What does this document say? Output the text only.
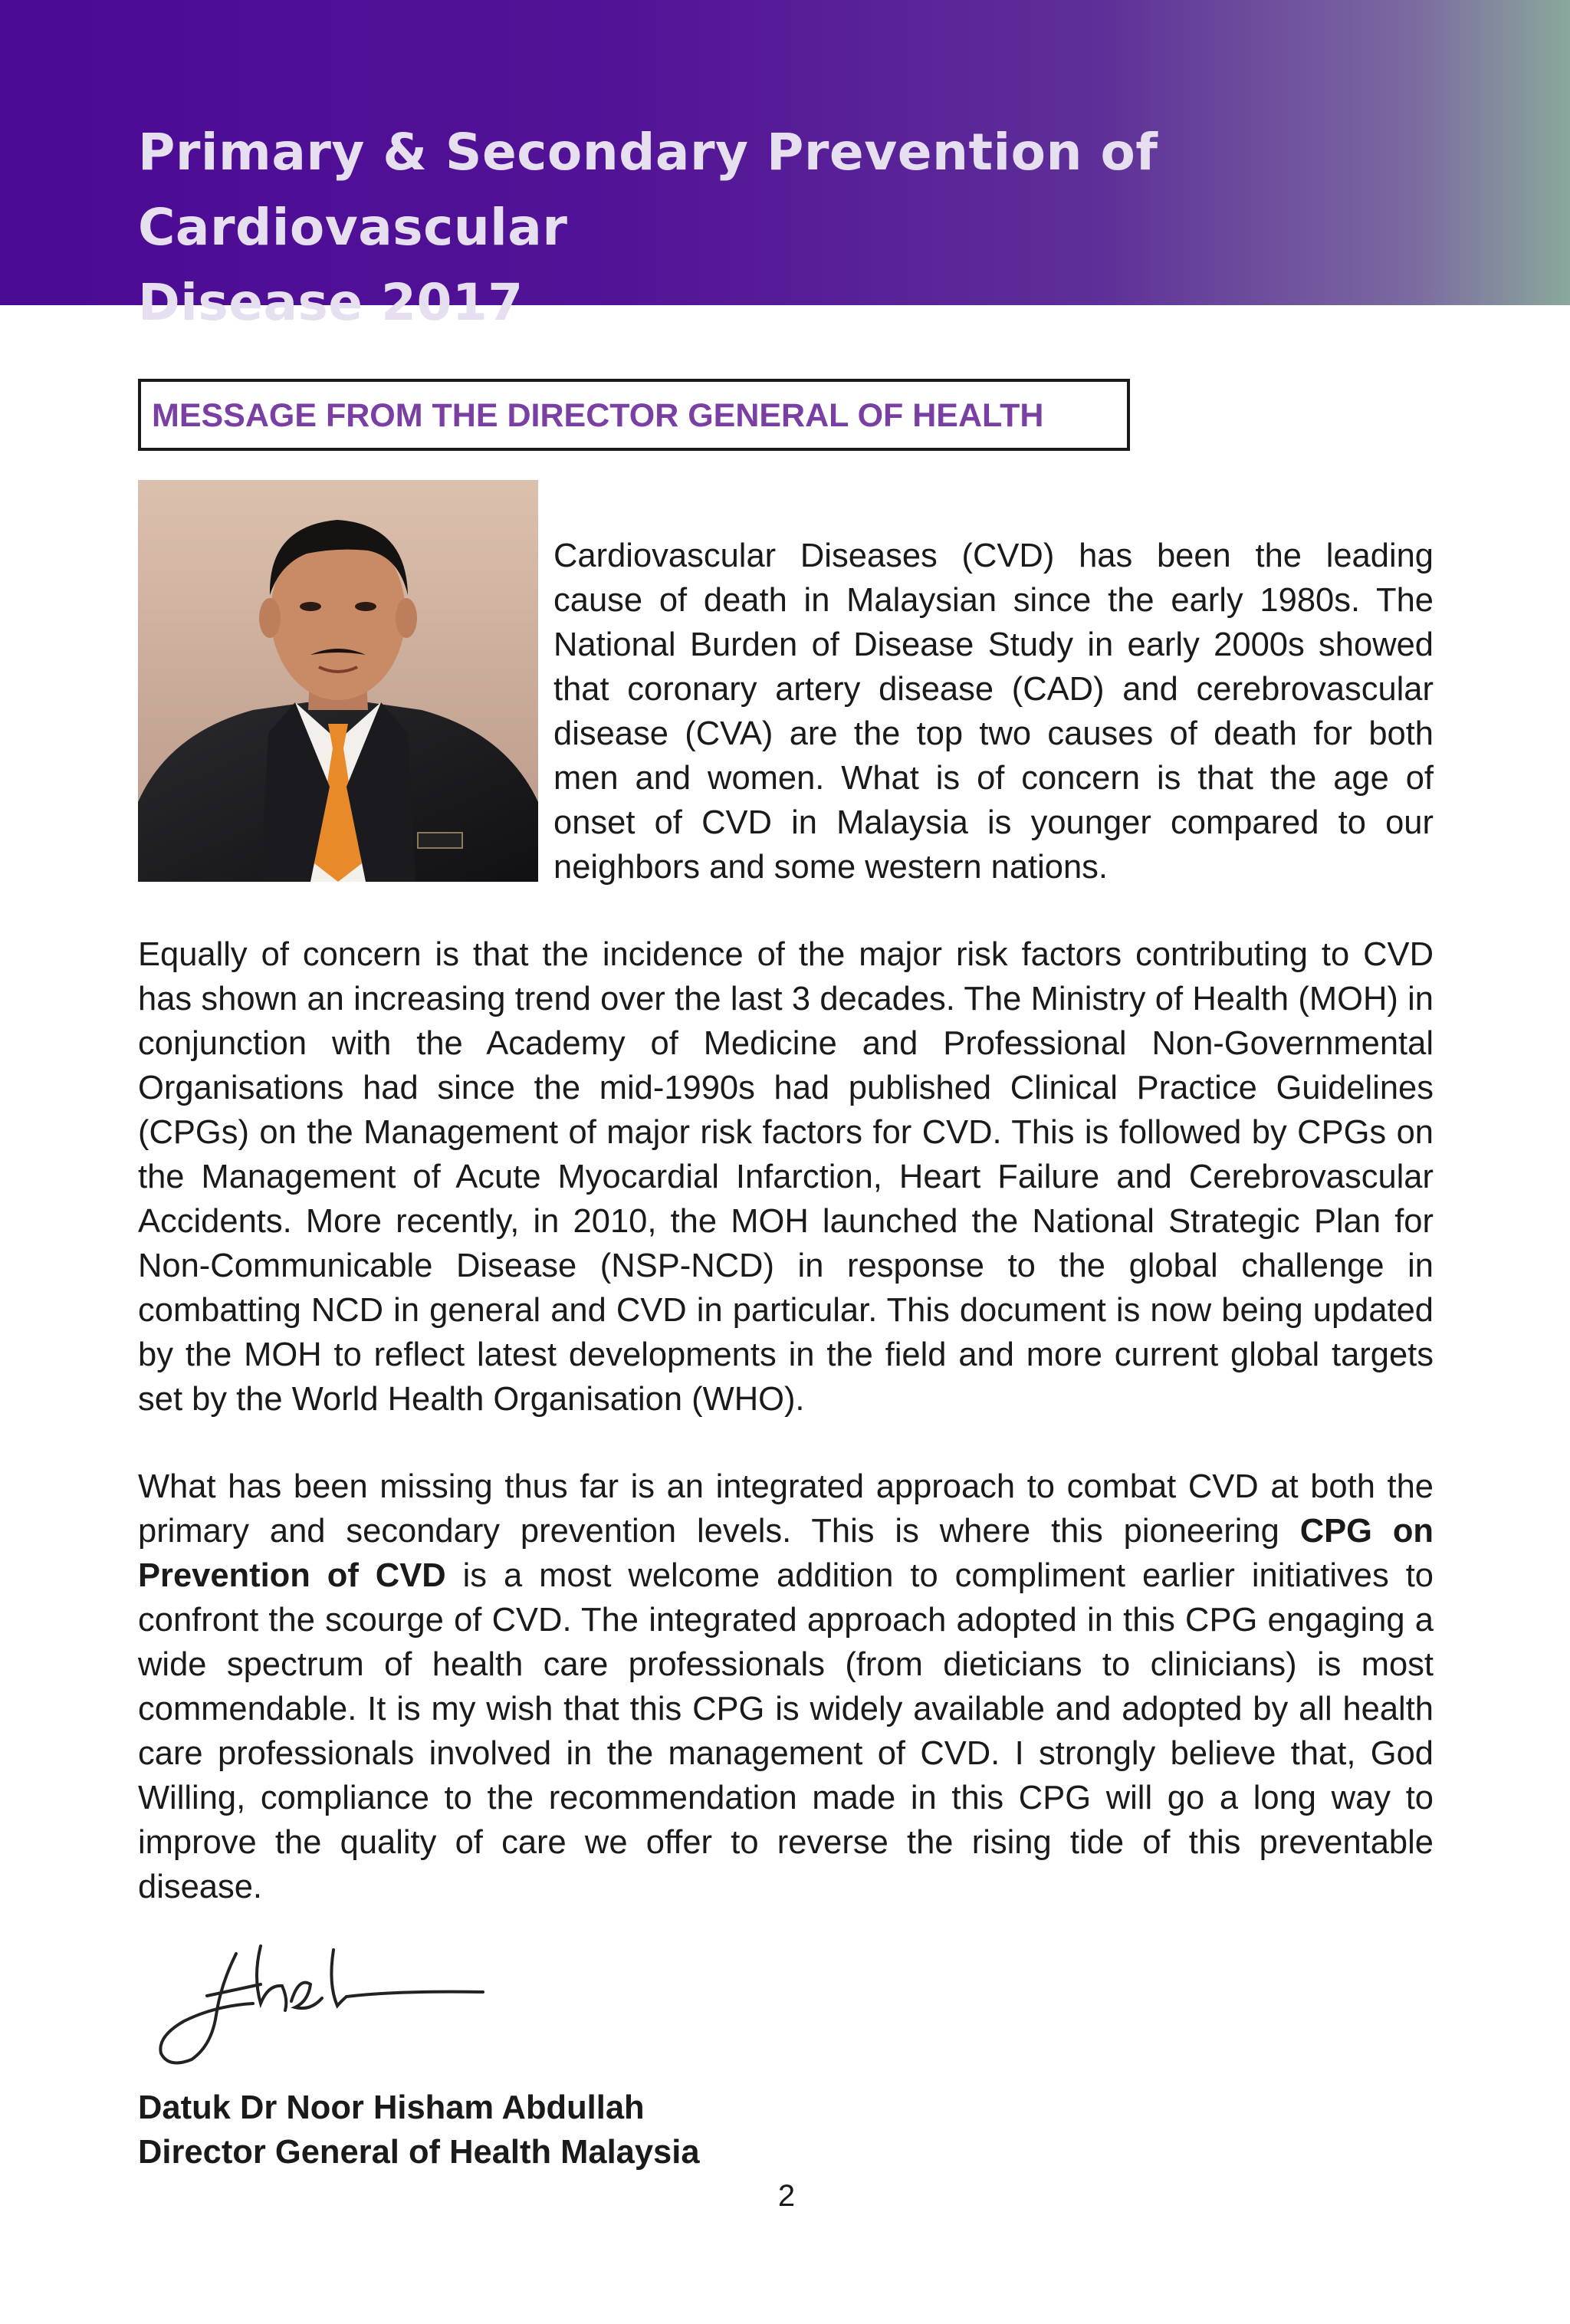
Primary & Secondary Prevention of Cardiovascular
Disease 2017
MESSAGE FROM THE DIRECTOR GENERAL OF HEALTH

Cardiovascular Diseases (CVD) has been the leading cause of death in Malaysian since the early 1980s. The National Burden of Disease Study in early 2000s showed that coronary artery disease (CAD) and cerebrovascular disease (CVA) are the top two causes of death for both men and women. What is of concern is that the age of onset of CVD in Malaysia is younger compared to our neighbors and some western nations.

Equally of concern is that the incidence of the major risk factors contributing to CVD has shown an increasing trend over the last 3 decades. The Ministry of Health (MOH) in conjunction with the Academy of Medicine and Professional Non-Governmental Organisations had since the mid-1990s had published Clinical Practice Guidelines (CPGs) on the Management of major risk factors for CVD. This is followed by CPGs on the Management of Acute Myocardial Infarction, Heart Failure and Cerebrovascular Accidents. More recently, in 2010, the MOH launched the National Strategic Plan for Non-Communicable Disease (NSP-NCD) in response to the global challenge in combatting NCD in general and CVD in particular. This document is now being updated by the MOH to reflect latest developments in the field and more current global targets set by the World Health Organisation (WHO).

What has been missing thus far is an integrated approach to combat CVD at both the primary and secondary prevention levels. This is where this pioneering CPG on Prevention of CVD is a most welcome addition to compliment earlier initiatives to confront the scourge of CVD. The integrated approach adopted in this CPG engaging a wide spectrum of health care professionals (from dieticians to clinicians) is most commendable. It is my wish that this CPG is widely available and adopted by all health care professionals involved in the management of CVD. I strongly believe that, God Willing, compliance to the recommendation made in this CPG will go a long way to improve the quality of care we offer to reverse the rising tide of this preventable disease.

Datuk Dr Noor Hisham Abdullah

Director General of Health Malaysia

2
